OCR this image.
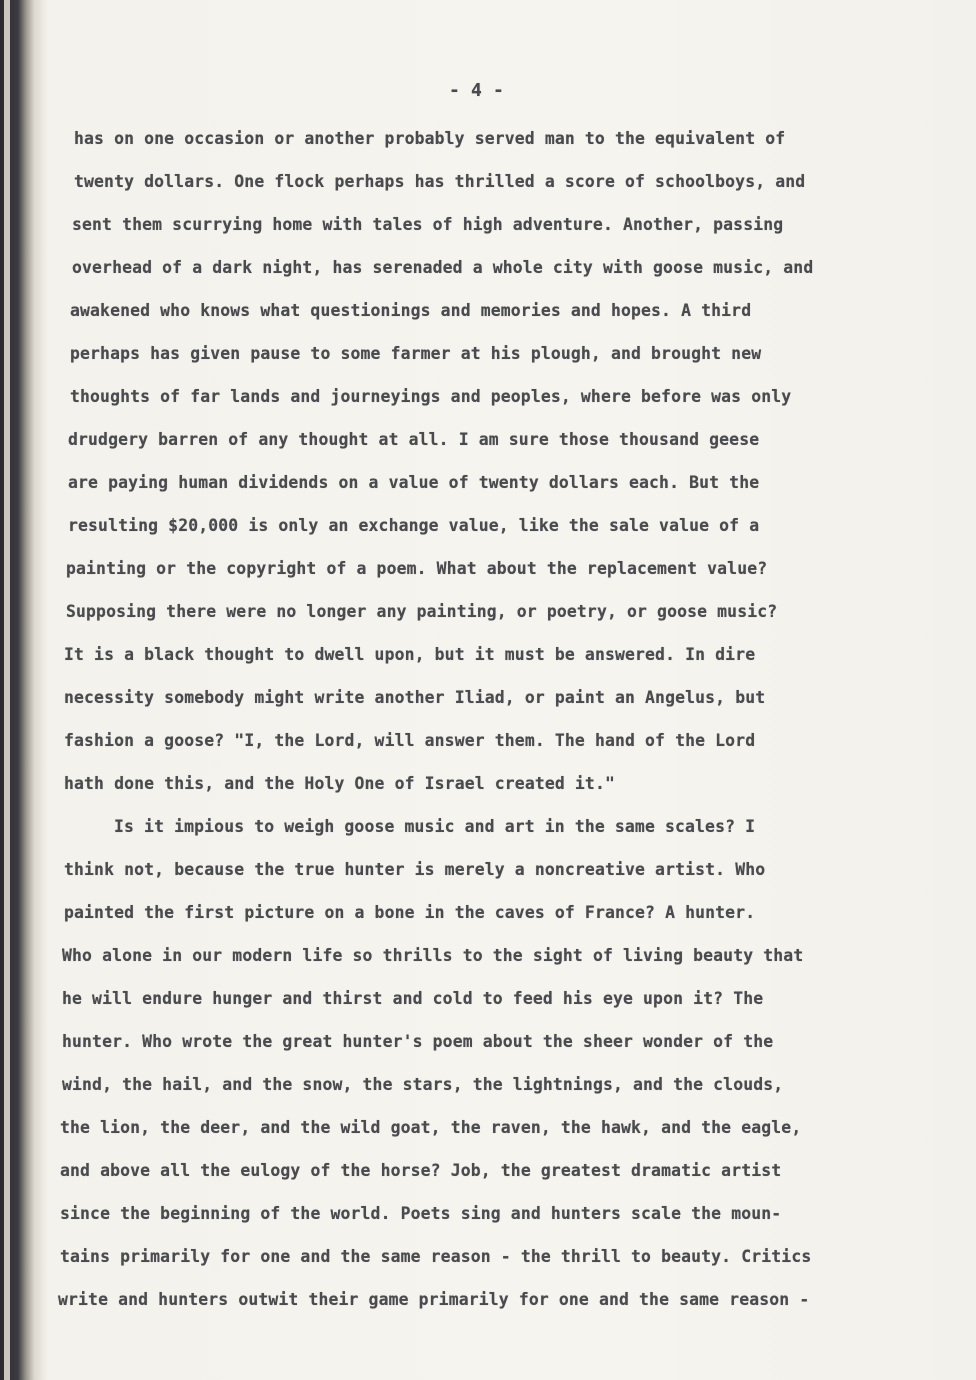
- 4 -
has on one occasion or another probably served man to the equivalent of
twenty dollars. One flock perhaps has thrilled a score of schoolboys, and
sent them scurrying home with tales of high adventure. Another, passing
overhead of a dark night, has serenaded a whole city with goose music, and
awakened who knows what questionings and memories and hopes. A third
perhaps has given pause to some farmer at his plough, and brought new
thoughts of far lands and journeyings and peoples, where before was only
drudgery barren of any thought at all. I am sure those thousand geese
are paying human dividends on a value of twenty dollars each. But the
resulting $20,000 is only an exchange value, like the sale value of a
painting or the copyright of a poem. What about the replacement value?
Supposing there were no longer any painting, or poetry, or goose music?
It is a black thought to dwell upon, but it must be answered. In dire
necessity somebody might write another Iliad, or paint an Angelus, but
fashion a goose? "I, the Lord, will answer them. The hand of the Lord
hath done this, and the Holy One of Israel created it."
Is it impious to weigh goose music and art in the same scales? I
think not, because the true hunter is merely a noncreative artist. Who
painted the first picture on a bone in the caves of France? A hunter.
Who alone in our modern life so thrills to the sight of living beauty that
he will endure hunger and thirst and cold to feed his eye upon it? The
hunter. Who wrote the great hunter's poem about the sheer wonder of the
wind, the hail, and the snow, the stars, the lightnings, and the clouds,
the lion, the deer, and the wild goat, the raven, the hawk, and the eagle,
and above all the eulogy of the horse? Job, the greatest dramatic artist
since the beginning of the world. Poets sing and hunters scale the moun-
tains primarily for one and the same reason - the thrill to beauty. Critics
write and hunters outwit their game primarily for one and the same reason -
